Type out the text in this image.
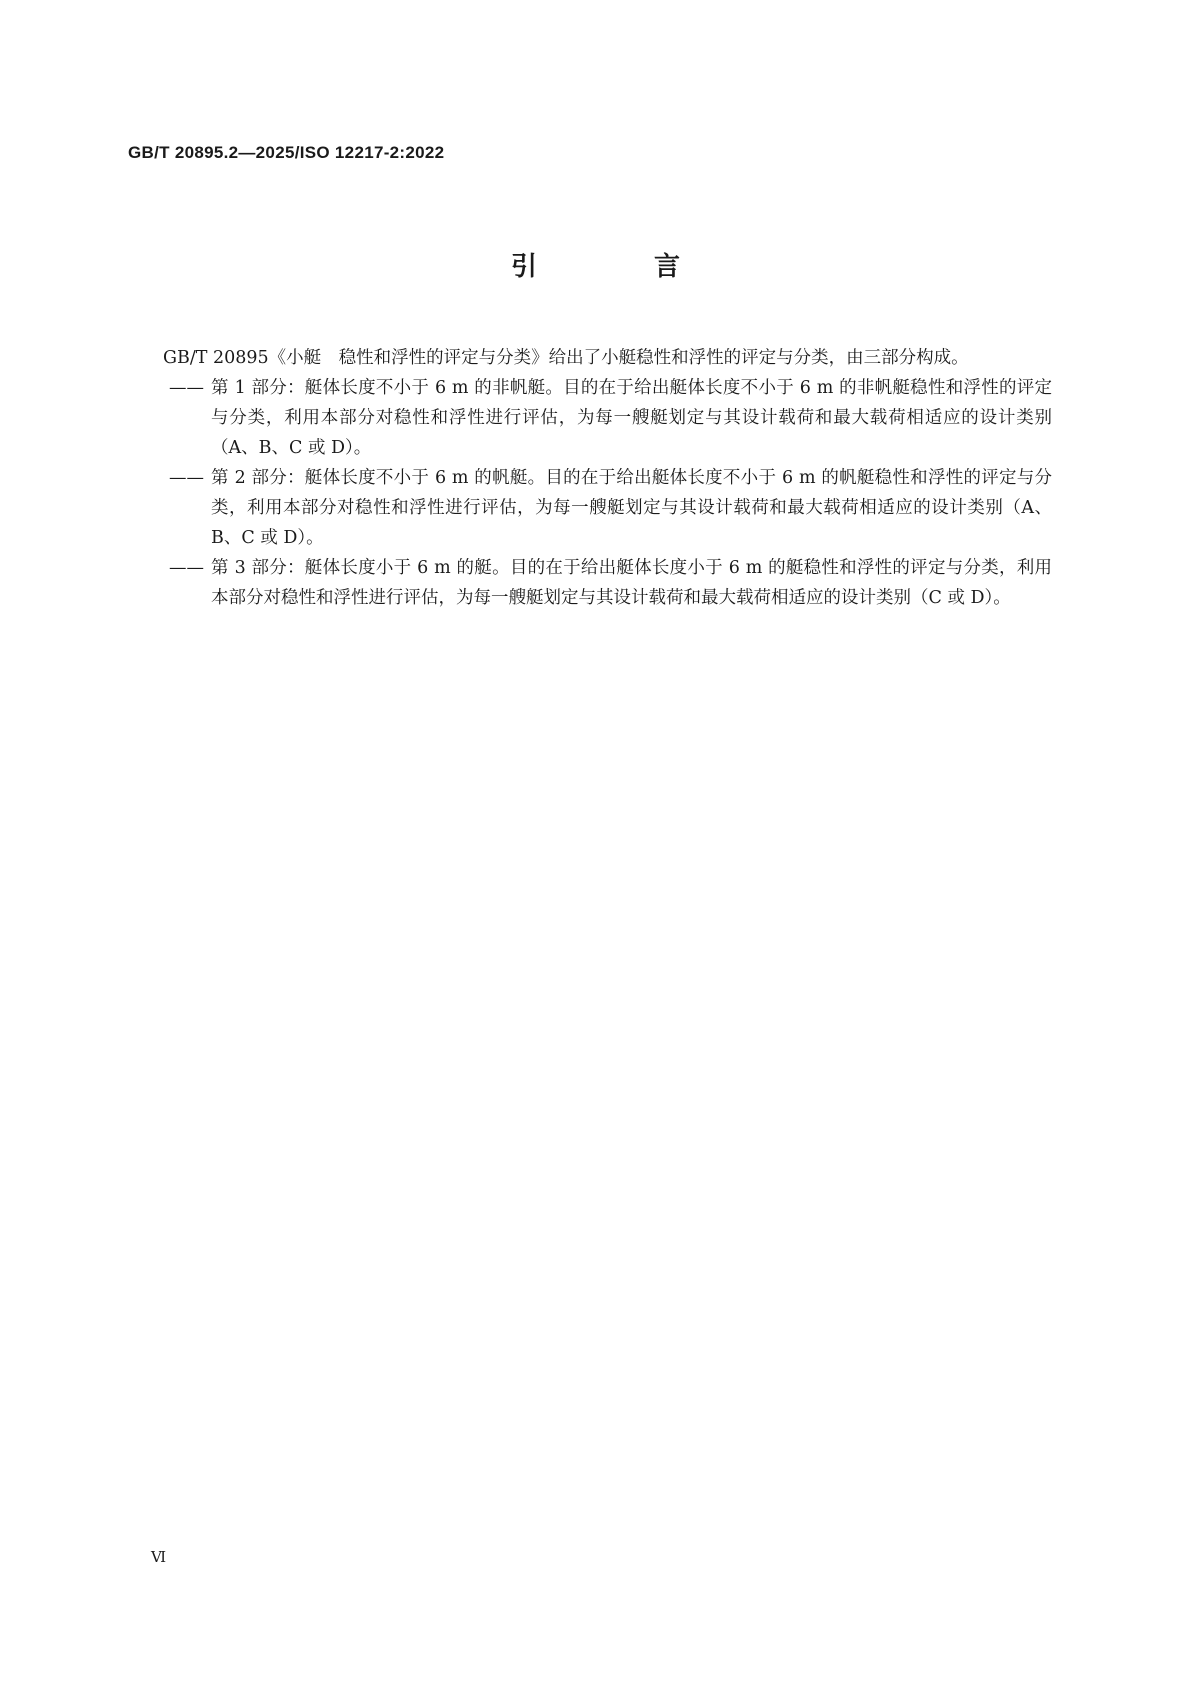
GB/T 20895.2—2025/ISO 12217-2:2022
引 言

GB/T 20895《小艇　稳性和浮性的评定与分类》给出了小艇稳性和浮性的评定与分类，由三部分构成。

—— 第 1 部分：艇体长度不小于 6 m 的非帆艇。目的在于给出艇体长度不小于 6 m 的非帆艇稳性和浮性的评定与分类，利用本部分对稳性和浮性进行评估，为每一艘艇划定与其设计载荷和最大载荷相适应的设计类别（A、B、C 或 D）。
—— 第 2 部分：艇体长度不小于 6 m 的帆艇。目的在于给出艇体长度不小于 6 m 的帆艇稳性和浮性的评定与分类，利用本部分对稳性和浮性进行评估，为每一艘艇划定与其设计载荷和最大载荷相适应的设计类别（A、B、C 或 D）。
—— 第 3 部分：艇体长度小于 6 m 的艇。目的在于给出艇体长度小于 6 m 的艇稳性和浮性的评定与分类，利用本部分对稳性和浮性进行评估，为每一艘艇划定与其设计载荷和最大载荷相适应的设计类别（C 或 D）。
Ⅵ
